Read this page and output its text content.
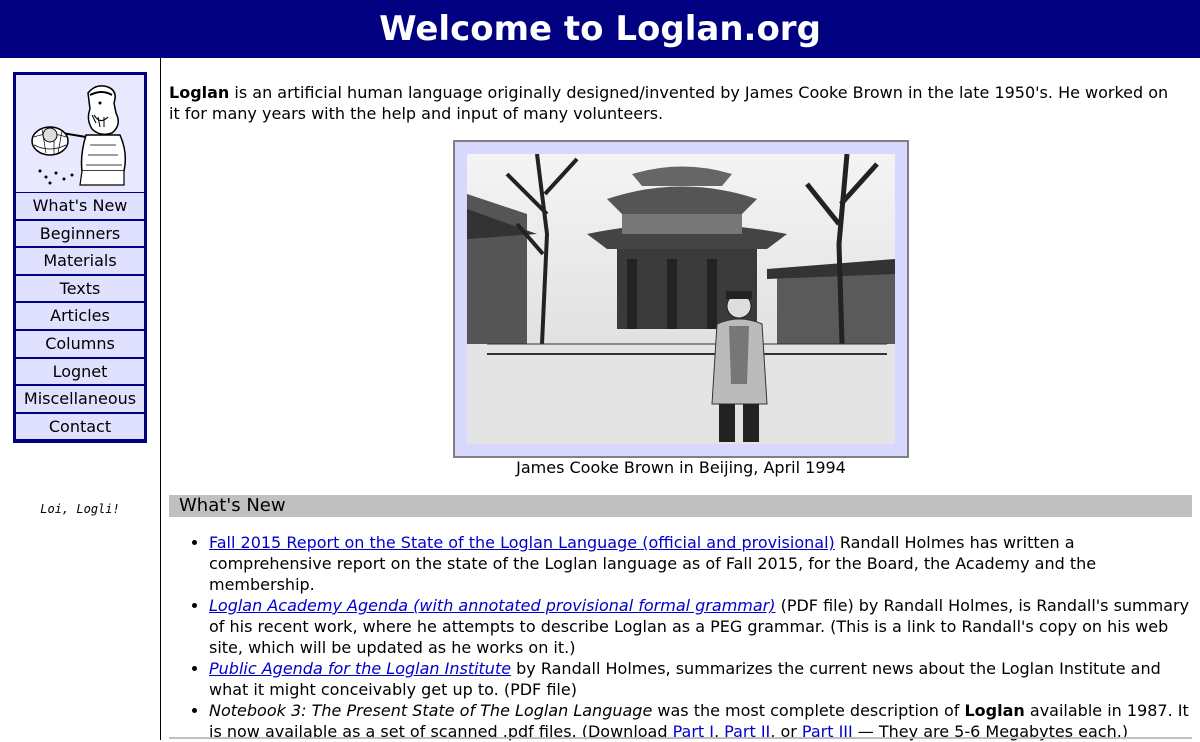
Welcome to Loglan.org
What's New
Beginners
Materials
Texts
Articles
Columns
Lognet
Miscellaneous
Contact
Loi, Logli!

Loglan is an artificial human language originally designed/invented by James Cooke Brown in the late 1950's. He worked on it for many years with the help and input of many volunteers.

James Cooke Brown in Beijing, April 1994
What's New
• Fall 2015 Report on the State of the Loglan Language (official and provisional) Randall Holmes has written a comprehensive report on the state of the Loglan language as of Fall 2015, for the Board, the Academy and the membership.
• Loglan Academy Agenda (with annotated provisional formal grammar) (PDF file) by Randall Holmes, is Randall's summary of his recent work, where he attempts to describe Loglan as a PEG grammar. (This is a link to Randall's copy on his web site, which will be updated as he works on it.)
• Public Agenda for the Loglan Institute by Randall Holmes, summarizes the current news about the Loglan Institute and what it might conceivably get up to. (PDF file)
• Notebook 3: The Present State of The Loglan Language was the most complete description of Loglan available in 1987. It is now available as a set of scanned .pdf files. (Download Part I, Part II, or Part III — They are 5-6 Megabytes each.)
